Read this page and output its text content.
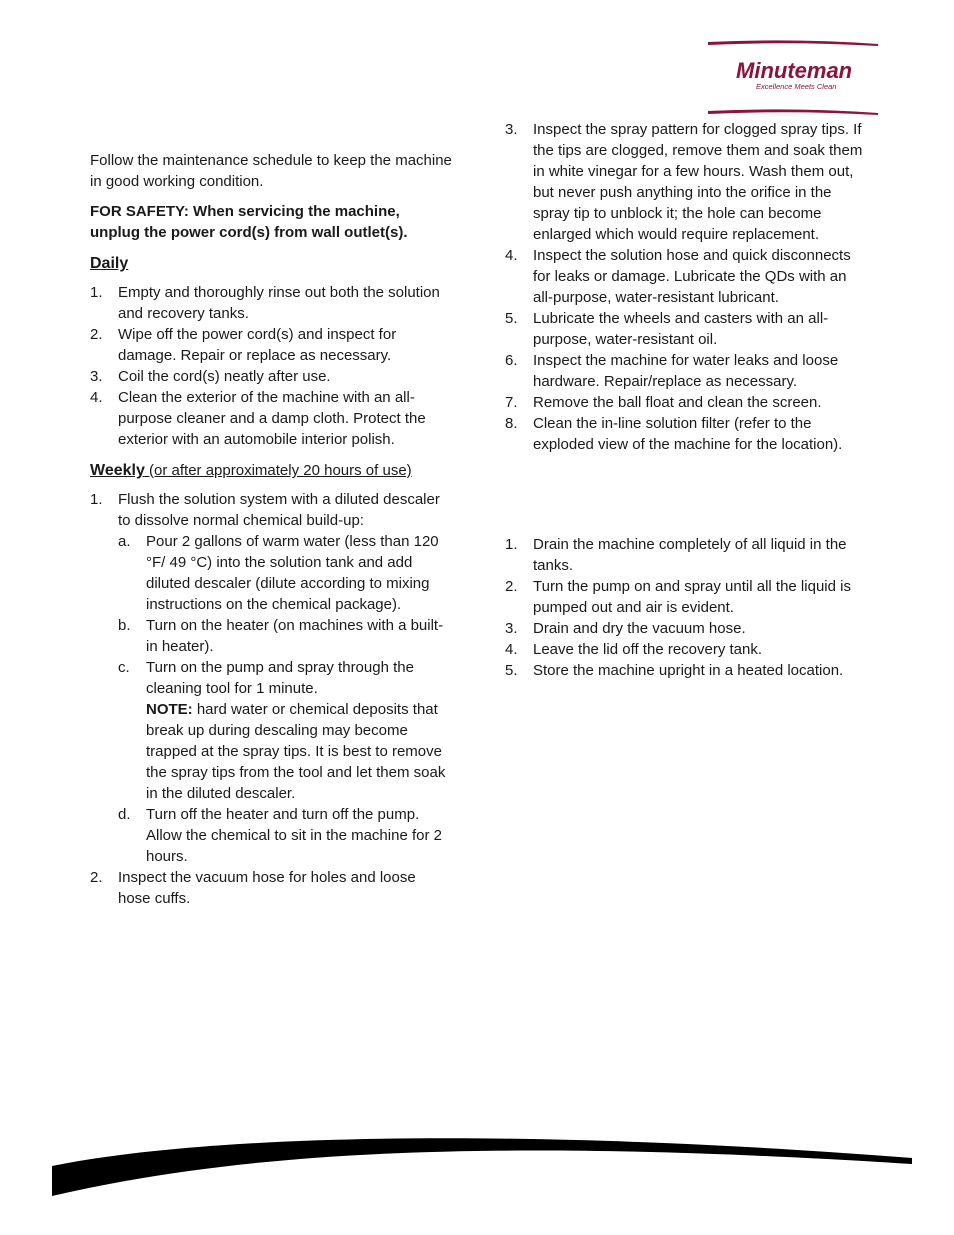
Minuteman
Excellence Meets Clean

Follow the maintenance schedule to keep the machine in good working condition.

FOR SAFETY: When servicing the machine, unplug the power cord(s) from wall outlet(s).

Daily
1. Empty and thoroughly rinse out both the solution and recovery tanks.
2. Wipe off the power cord(s) and inspect for damage. Repair or replace as necessary.
3. Coil the cord(s) neatly after use.
4. Clean the exterior of the machine with an all-purpose cleaner and a damp cloth. Protect the exterior with an automobile interior polish.
Weekly (or after approximately 20 hours of use)
1. Flush the solution system with a diluted descaler to dissolve normal chemical build-up:
a. Pour 2 gallons of warm water (less than 120 °F/ 49 °C) into the solution tank and add diluted descaler (dilute according to mixing instructions on the chemical package).
b. Turn on the heater (on machines with a built-in heater).
c. Turn on the pump and spray through the cleaning tool for 1 minute.
NOTE: hard water or chemical deposits that break up during descaling may become trapped at the spray tips. It is best to remove the spray tips from the tool and let them soak in the diluted descaler.
d. Turn off the heater and turn off the pump. Allow the chemical to sit in the machine for 2 hours.
2. Inspect the vacuum hose for holes and loose hose cuffs.
3. Inspect the spray pattern for clogged spray tips. If the tips are clogged, remove them and soak them in white vinegar for a few hours. Wash them out, but never push anything into the orifice in the spray tip to unblock it; the hole can become enlarged which would require replacement.
4. Inspect the solution hose and quick disconnects for leaks or damage. Lubricate the QDs with an all-purpose, water-resistant lubricant.
5. Lubricate the wheels and casters with an all-purpose, water-resistant oil.
6. Inspect the machine for water leaks and loose hardware. Repair/replace as necessary.
7. Remove the ball float and clean the screen.
8. Clean the in-line solution filter (refer to the exploded view of the machine for the location).
1. Drain the machine completely of all liquid in the tanks.
2. Turn the pump on and spray until all the liquid is pumped out and air is evident.
3. Drain and dry the vacuum hose.
4. Leave the lid off the recovery tank.
5. Store the machine upright in a heated location.
